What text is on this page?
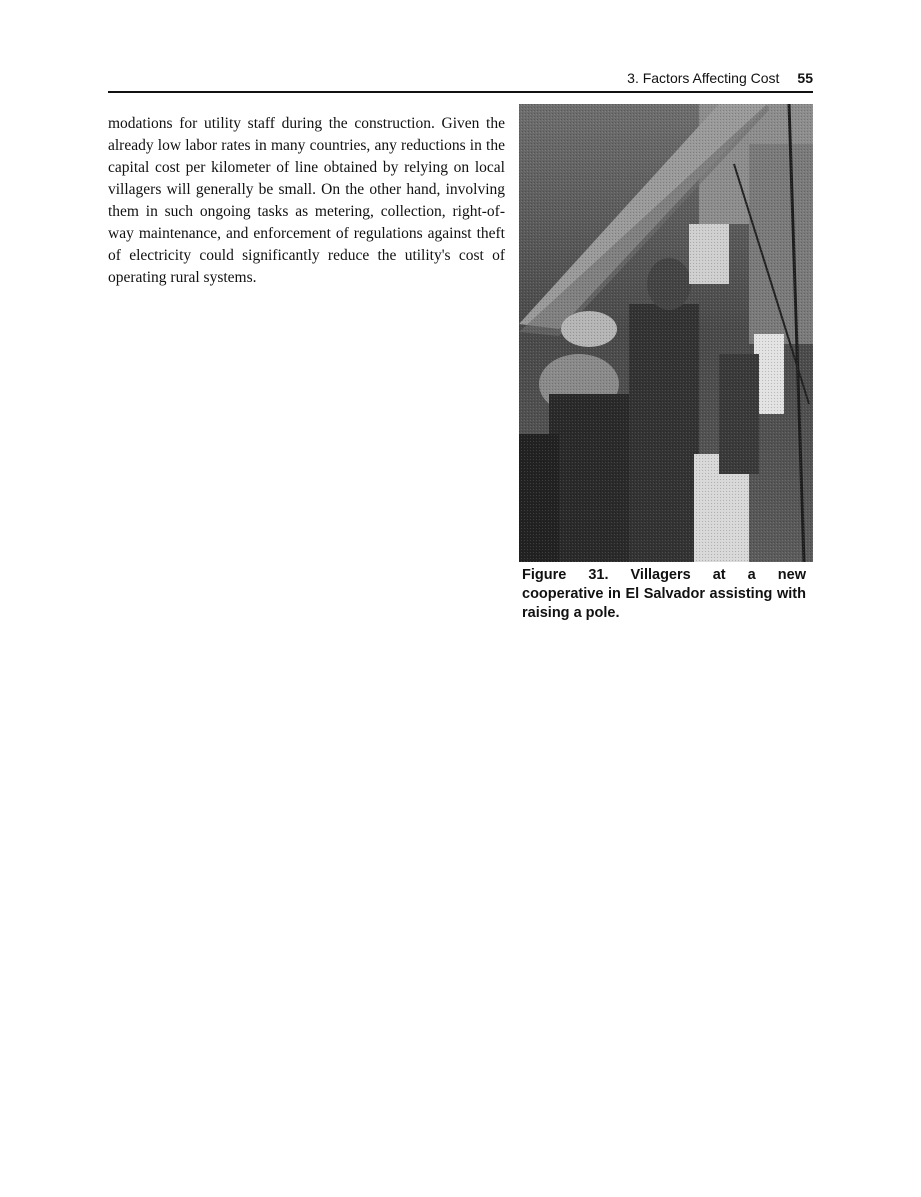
3. Factors Affecting Cost 55

modations for utility staff during the construction. Given the already low labor rates in many countries, any reductions in the capital cost per kilometer of line obtained by relying on local villagers will generally be small. On the other hand, involving them in such ongoing tasks as metering, collection, right-of-way maintenance, and enforcement of regulations against theft of electricity could significantly reduce the utility's cost of operating rural systems.

Figure 31. Villagers at a new cooperative in El Salvador assisting with raising a pole.
